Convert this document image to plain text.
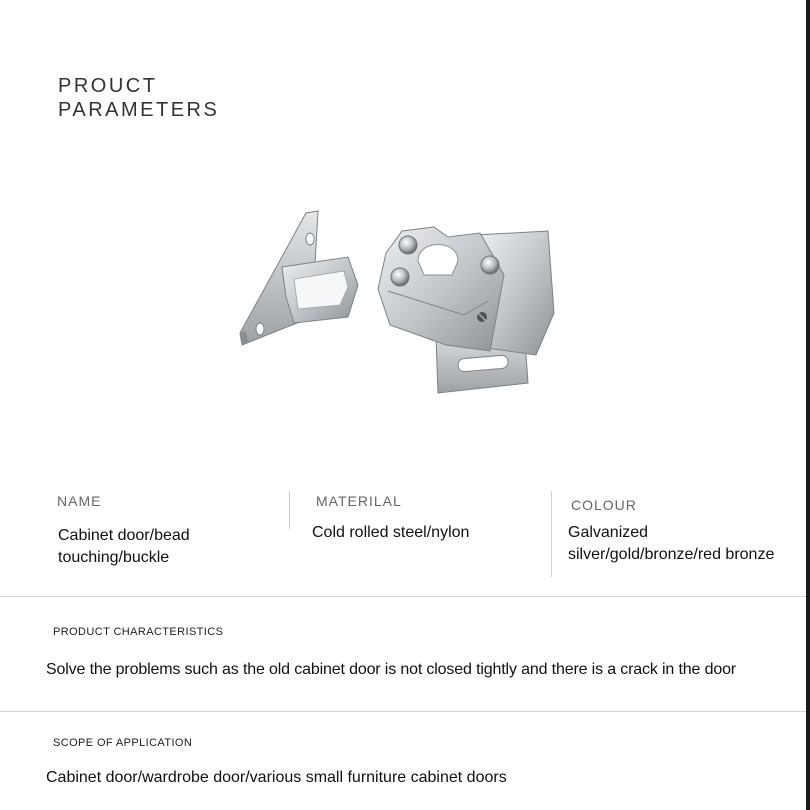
PROUCT
PARAMETERS
NAME
Cabinet door/bead
touching/buckle
MATERILAL
Cold rolled steel/nylon
COLOUR
Galvanized
silver/gold/bronze/red bronze
PRODUCT CHARACTERISTICS
Solve the problems such as the old cabinet door is not closed tightly and there is a crack in the door
SCOPE OF APPLICATION
Cabinet door/wardrobe door/various small furniture cabinet doors
